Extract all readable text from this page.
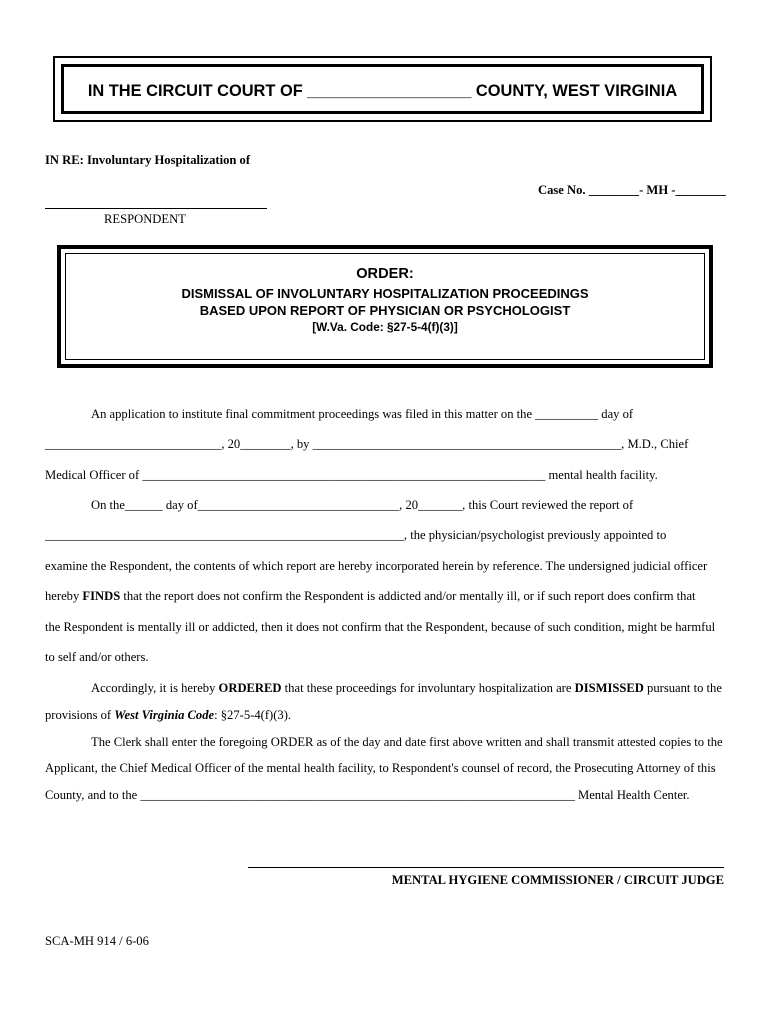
IN THE CIRCUIT COURT OF __________________ COUNTY, WEST VIRGINIA
IN RE: Involuntary Hospitalization of
Case No. ________- MH -________
RESPONDENT
ORDER:
DISMISSAL OF INVOLUNTARY HOSPITALIZATION PROCEEDINGS
BASED UPON REPORT OF PHYSICIAN OR PSYCHOLOGIST
[W.Va. Code: §27-5-4(f)(3)]
An application to institute final commitment proceedings was filed in this matter on the __________ day of
____________________________, 20________, by _________________________________________________, M.D., Chief
Medical Officer of ________________________________________________________________ mental health facility.
On the______ day of________________________________, 20_______, this Court reviewed the report of
_________________________________________________________, the physician/psychologist previously appointed to
examine the Respondent, the contents of which report are hereby incorporated herein by reference. The undersigned judicial officer
hereby FINDS that the report does not confirm the Respondent is addicted and/or mentally ill, or if such report does confirm that
the Respondent is mentally ill or addicted, then it does not confirm that the Respondent, because of such condition, might be harmful
to self and/or others.
Accordingly, it is hereby ORDERED that these proceedings for involuntary hospitalization are DISMISSED pursuant to the
provisions of West Virginia Code: §27-5-4(f)(3).
The Clerk shall enter the foregoing ORDER as of the day and date first above written and shall transmit attested copies to the
Applicant, the Chief Medical Officer of the mental health facility, to Respondent's counsel of record, the Prosecuting Attorney of this
County, and to the _____________________________________________________________________ Mental Health Center.
MENTAL HYGIENE COMMISSIONER / CIRCUIT JUDGE
SCA-MH 914 / 6-06
